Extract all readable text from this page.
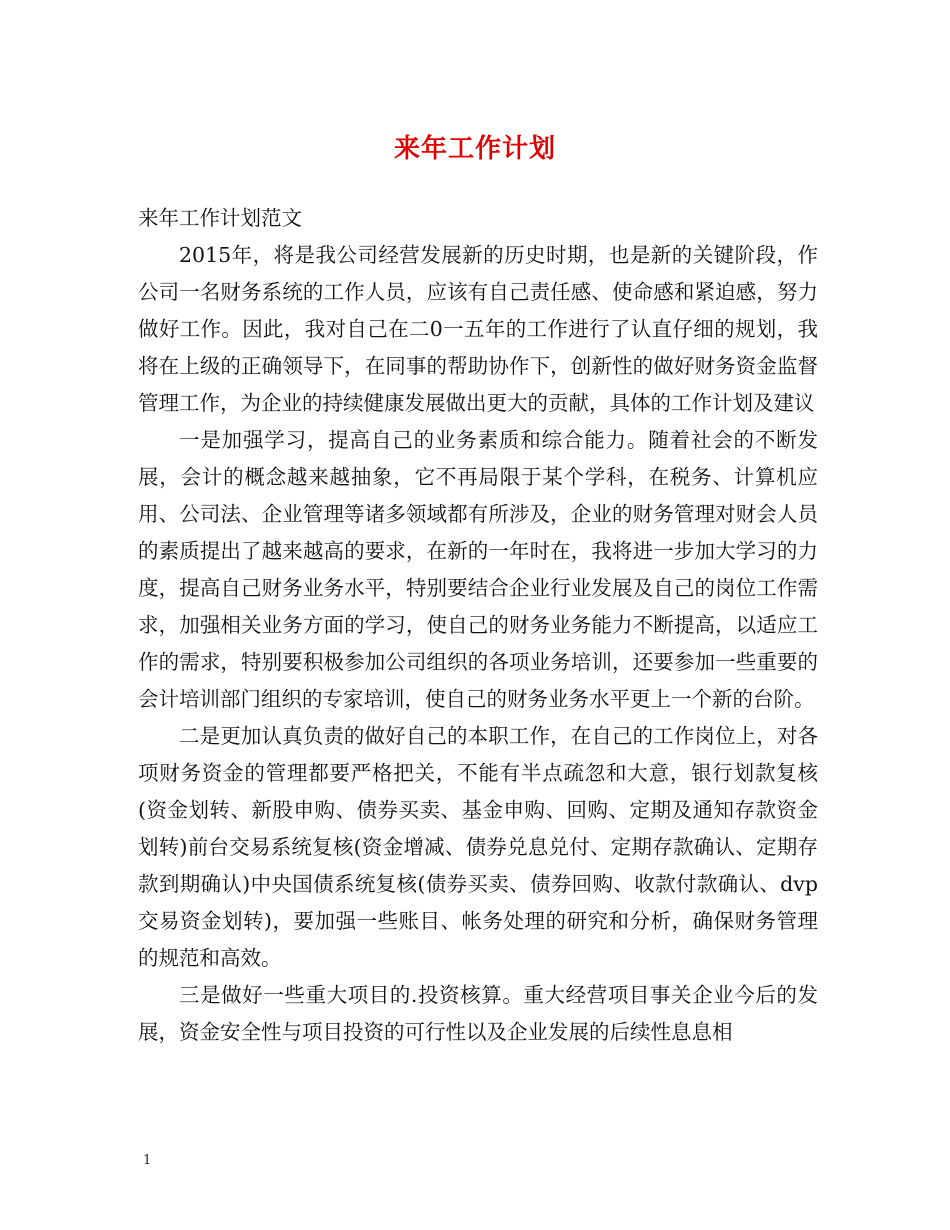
来年工作计划

来年工作计划范文

2015年，将是我公司经营发展新的历史时期，也是新的关键阶段，作公司一名财务系统的工作人员，应该有自己责任感、使命感和紧迫感，努力做好工作。因此，我对自己在二0一五年的工作进行了认直仔细的规划，我将在上级的正确领导下，在同事的帮助协作下，创新性的做好财务资金监督管理工作，为企业的持续健康发展做出更大的贡献，具体的工作计划及建议

一是加强学习，提高自己的业务素质和综合能力。随着社会的不断发展，会计的概念越来越抽象，它不再局限于某个学科，在税务、计算机应用、公司法、企业管理等诸多领域都有所涉及，企业的财务管理对财会人员的素质提出了越来越高的要求，在新的一年时在，我将进一步加大学习的力度，提高自己财务业务水平，特别要结合企业行业发展及自己的岗位工作需求，加强相关业务方面的学习，使自己的财务业务能力不断提高，以适应工作的需求，特别要积极参加公司组织的各项业务培训，还要参加一些重要的会计培训部门组织的专家培训，使自己的财务业务水平更上一个新的台阶。

二是更加认真负责的做好自己的本职工作，在自己的工作岗位上，对各项财务资金的管理都要严格把关，不能有半点疏忽和大意，银行划款复核(资金划转、新股申购、债券买卖、基金申购、回购、定期及通知存款资金划转)前台交易系统复核(资金增减、债券兑息兑付、定期存款确认、定期存款到期确认)中央国债系统复核(债券买卖、债券回购、收款付款确认、dvp交易资金划转)，要加强一些账目、帐务处理的研究和分析，确保财务管理的规范和高效。

三是做好一些重大项目的.投资核算。重大经营项目事关企业今后的发展，资金安全性与项目投资的可行性以及企业发展的后续性息息相

1
